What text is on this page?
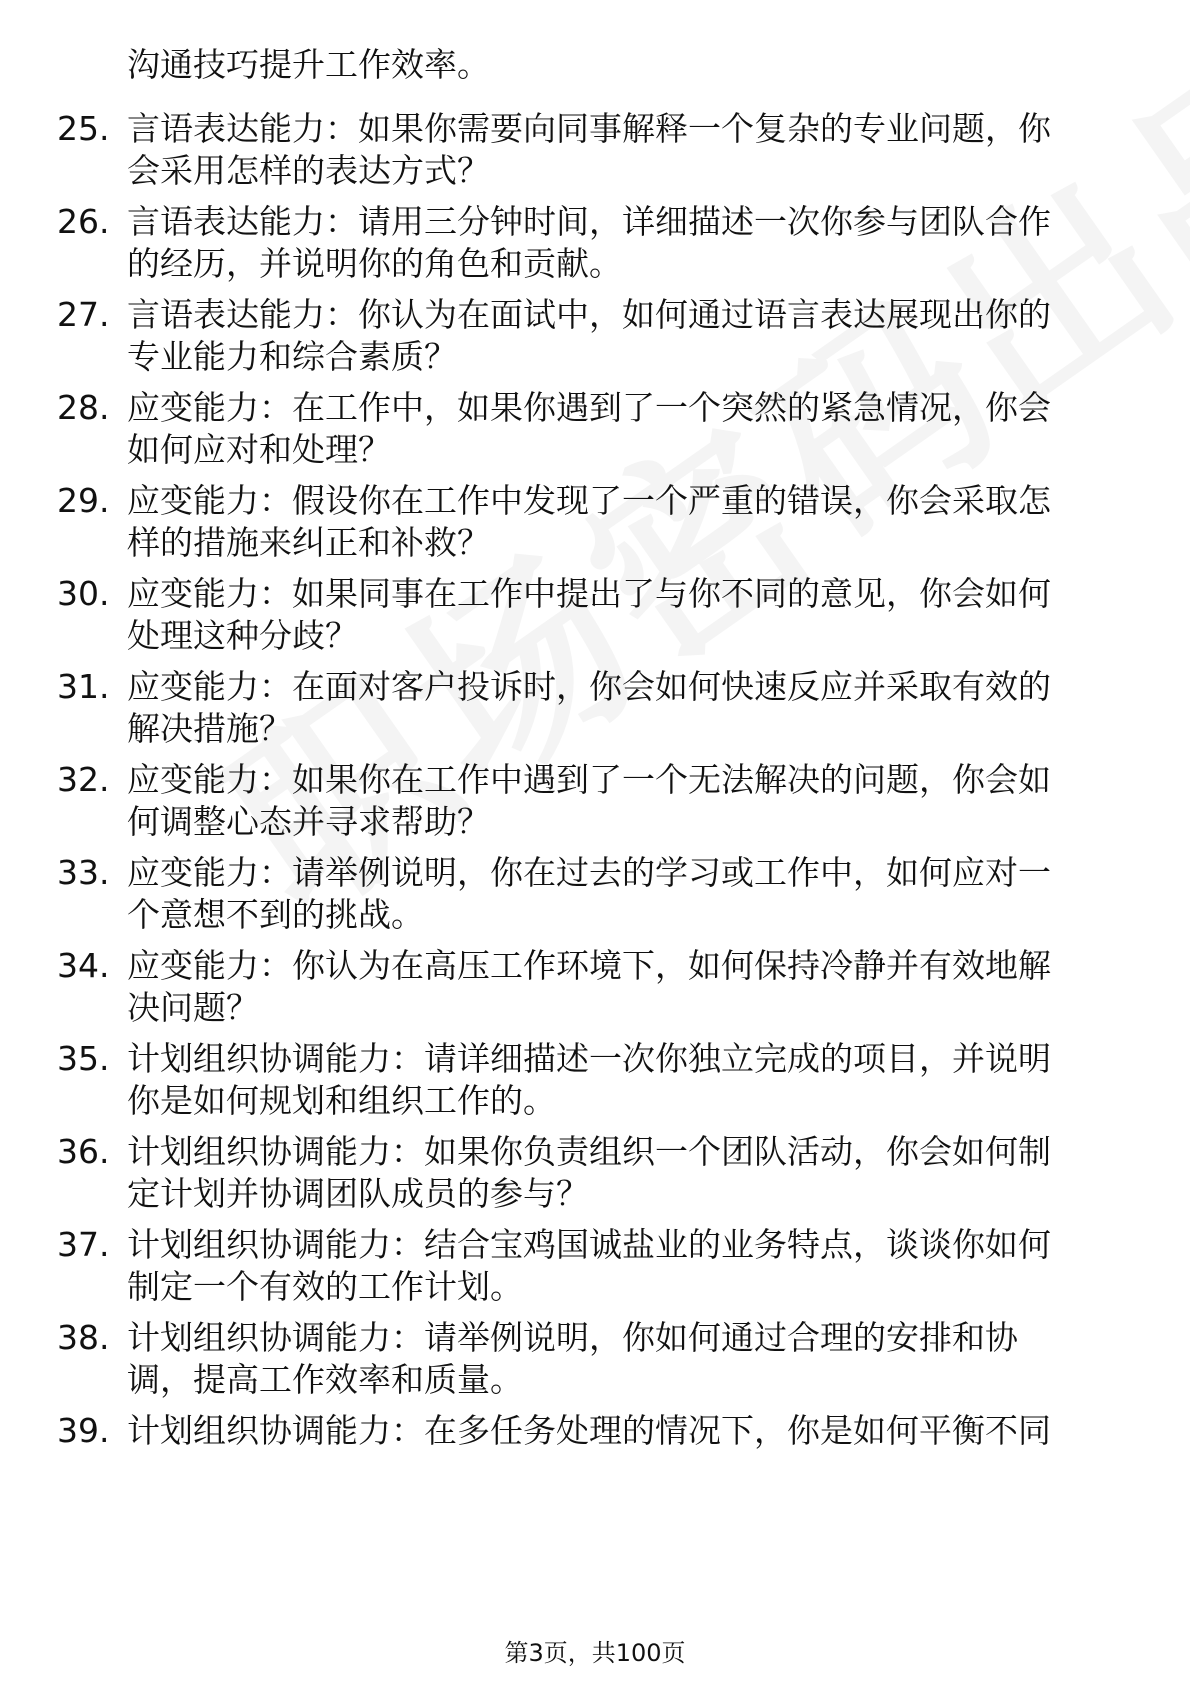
沟通技巧提升工作效率。
25. 言语表达能力：如果你需要向同事解释一个复杂的专业问题，你
会采用怎样的表达方式？
26. 言语表达能力：请用三分钟时间，详细描述一次你参与团队合作
的经历，并说明你的角色和贡献。
27. 言语表达能力：你认为在面试中，如何通过语言表达展现出你的
专业能力和综合素质？
28. 应变能力：在工作中，如果你遇到了一个突然的紧急情况，你会
如何应对和处理？
29. 应变能力：假设你在工作中发现了一个严重的错误，你会采取怎
样的措施来纠正和补救？
30. 应变能力：如果同事在工作中提出了与你不同的意见，你会如何
处理这种分歧？
31. 应变能力：在面对客户投诉时，你会如何快速反应并采取有效的
解决措施？
32. 应变能力：如果你在工作中遇到了一个无法解决的问题，你会如
何调整心态并寻求帮助？
33. 应变能力：请举例说明，你在过去的学习或工作中，如何应对一
个意想不到的挑战。
34. 应变能力：你认为在高压工作环境下，如何保持冷静并有效地解
决问题？
35. 计划组织协调能力：请详细描述一次你独立完成的项目，并说明
你是如何规划和组织工作的。
36. 计划组织协调能力：如果你负责组织一个团队活动，你会如何制
定计划并协调团队成员的参与？
37. 计划组织协调能力：结合宝鸡国诚盐业的业务特点，谈谈你如何
制定一个有效的工作计划。
38. 计划组织协调能力：请举例说明，你如何通过合理的安排和协
调，提高工作效率和质量。
39. 计划组织协调能力：在多任务处理的情况下，你是如何平衡不同
第3页，共100页
